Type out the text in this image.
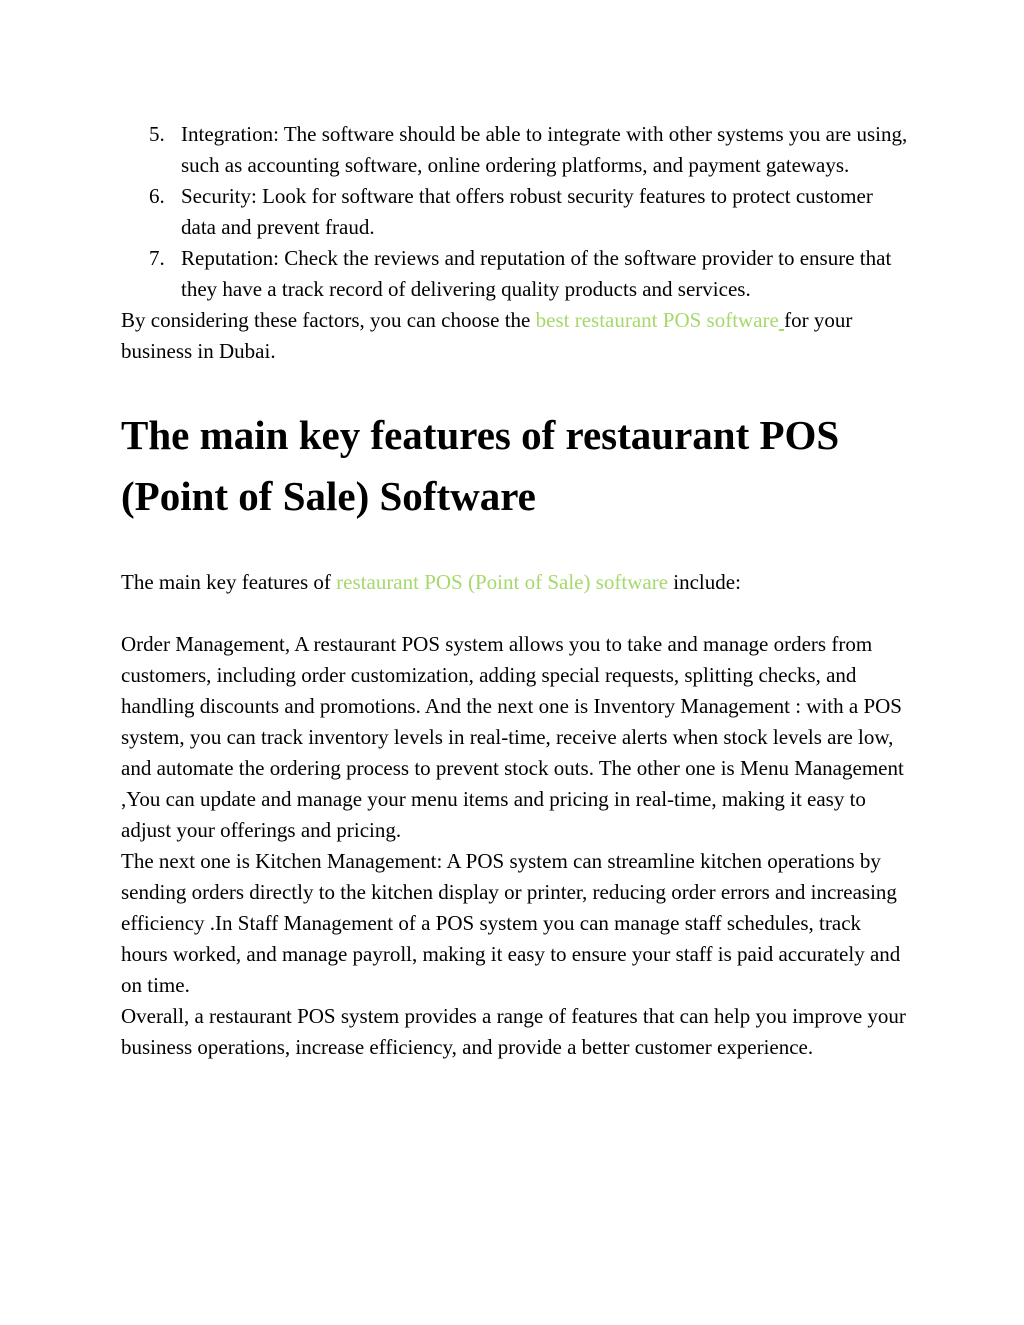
5. Integration: The software should be able to integrate with other systems you are using, such as accounting software, online ordering platforms, and payment gateways.
6. Security: Look for software that offers robust security features to protect customer data and prevent fraud.
7. Reputation: Check the reviews and reputation of the software provider to ensure that they have a track record of delivering quality products and services.

By considering these factors, you can choose the best restaurant POS software for your business in Dubai.

The main key features of restaurant POS (Point of Sale) Software

The main key features of restaurant POS (Point of Sale) software include:

Order Management, A restaurant POS system allows you to take and manage orders from customers, including order customization, adding special requests, splitting checks, and handling discounts and promotions. And the next one is Inventory Management : with a POS system, you can track inventory levels in real-time, receive alerts when stock levels are low, and automate the ordering process to prevent stock outs. The other one is Menu Management ,You can update and manage your menu items and pricing in real-time, making it easy to adjust your offerings and pricing.

The next one is Kitchen Management: A POS system can streamline kitchen operations by sending orders directly to the kitchen display or printer, reducing order errors and increasing efficiency .In Staff Management of a POS system you can manage staff schedules, track hours worked, and manage payroll, making it easy to ensure your staff is paid accurately and on time.

Overall, a restaurant POS system provides a range of features that can help you improve your business operations, increase efficiency, and provide a better customer experience.
